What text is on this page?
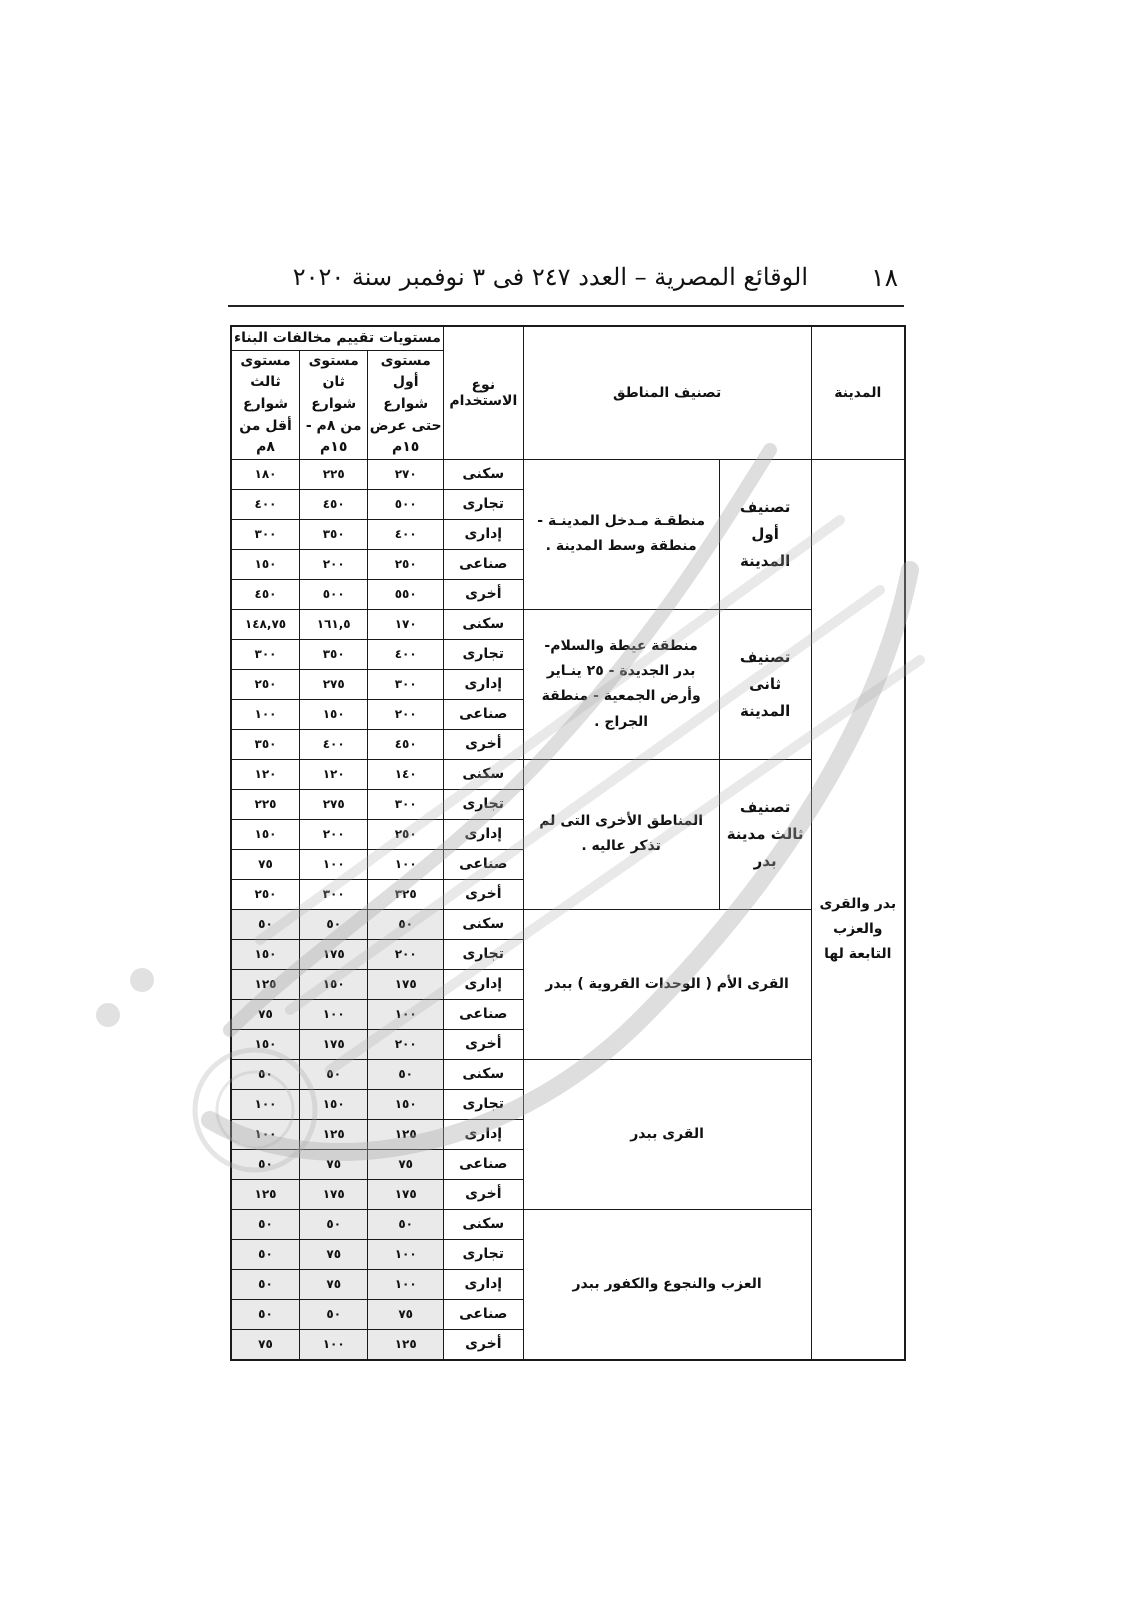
١٨
الوقائع المصرية – العدد ٢٤٧ فى ٣ نوفمبر سنة ٢٠٢٠
المدينة	تصنيف المناطق		نوع الاستخدام	مستويات تقييم مخالفات البناء		
				مستوى أول شوارع حتى عرض ١٥م	مستوى ثان شوارع من ٨م - ١٥م	مستوى ثالث شوارع أقل من ٨م
بدر والقرى والعزب التابعة لها	تصنيف أول المدينة	منطقـة مـدخل المدينـة - منطقة وسط المدينة .	سكنى	٢٧٠	٢٢٥	١٨٠
			تجارى	٥٠٠	٤٥٠	٤٠٠
			إدارى	٤٠٠	٣٥٠	٣٠٠
			صناعى	٢٥٠	٢٠٠	١٥٠
			أخرى	٥٥٠	٥٠٠	٤٥٠
	تصنيف ثانى المدينة	منطقة عيطة والسلام- بدر الجديدة - ٢٥ ينـاير وأرض الجمعية - منطقة الجراج .	سكنى	١٧٠	١٦١,٥	١٤٨,٧٥
			تجارى	٤٠٠	٣٥٠	٣٠٠
			إدارى	٣٠٠	٢٧٥	٢٥٠
			صناعى	٢٠٠	١٥٠	١٠٠
			أخرى	٤٥٠	٤٠٠	٣٥٠
	تصنيف ثالث مدينة بدر	المناطق الأخرى التى لم تذكر عاليه .	سكنى	١٤٠	١٢٠	١٢٠
			تجارى	٣٠٠	٢٧٥	٢٢٥
			إدارى	٢٥٠	٢٠٠	١٥٠
			صناعى	١٠٠	١٠٠	٧٥
			أخرى	٣٢٥	٣٠٠	٢٥٠
	القرى الأم ( الوحدات القروية ) ببدر		سكنى	٥٠	٥٠	٥٠
			تجارى	٢٠٠	١٧٥	١٥٠
			إدارى	١٧٥	١٥٠	١٢٥
			صناعى	١٠٠	١٠٠	٧٥
			أخرى	٢٠٠	١٧٥	١٥٠
	القرى ببدر		سكنى	٥٠	٥٠	٥٠
			تجارى	١٥٠	١٥٠	١٠٠
			إدارى	١٢٥	١٢٥	١٠٠
			صناعى	٧٥	٧٥	٥٠
			أخرى	١٧٥	١٧٥	١٢٥
	العزب والنجوع والكفور ببدر		سكنى	٥٠	٥٠	٥٠
			تجارى	١٠٠	٧٥	٥٠
			إدارى	١٠٠	٧٥	٥٠
			صناعى	٧٥	٥٠	٥٠
			أخرى	١٢٥	١٠٠	٧٥
